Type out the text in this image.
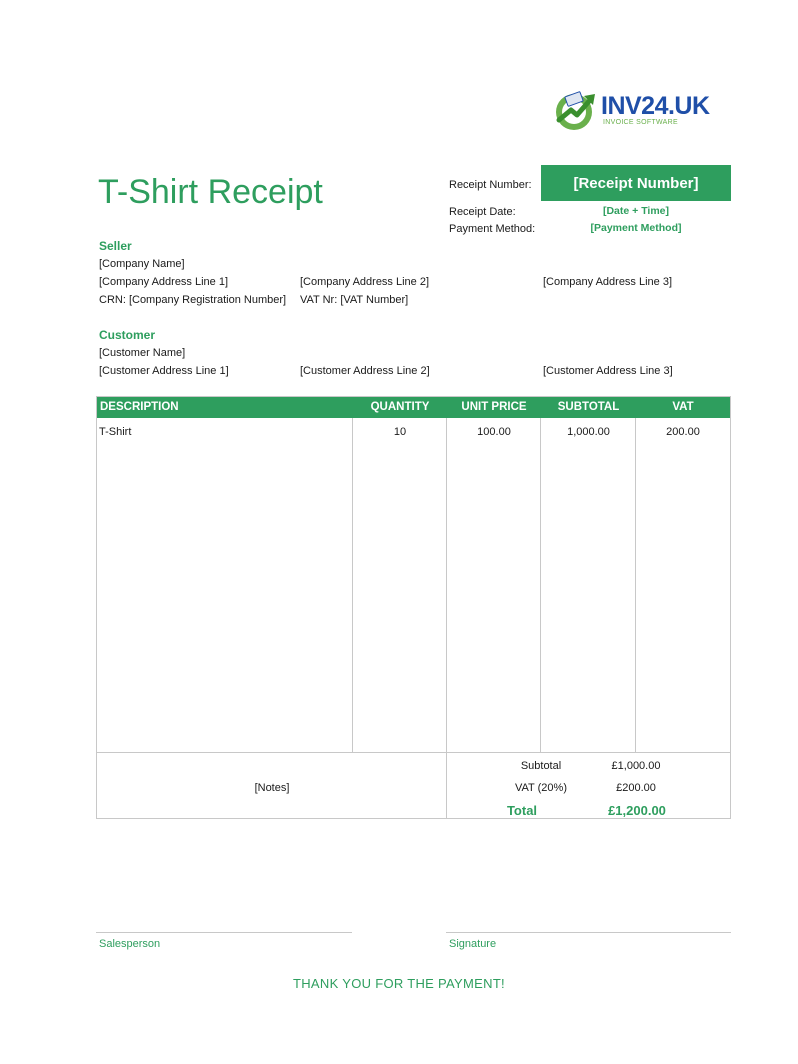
INV24.UK
INVOICE SOFTWARE
T-Shirt Receipt	Receipt Number:	[Receipt Number]
Receipt Date:	[Date + Time]
Payment Method:	[Payment Method]
Seller
[Company Name]
[Company Address Line 1]	[Company Address Line 2]	[Company Address Line 3]
CRN: [Company Registration Number] VAT Nr: [VAT Number]
Customer
[Customer Name]
[Customer Address Line 1]	[Customer Address Line 2]	[Customer Address Line 3]
DESCRIPTION	QUANTITY	UNIT PRICE	SUBTOTAL	VAT
T-Shirt	10	100.00	1,000.00	200.00
[Notes]
Subtotal	£1,000.00
VAT (20%)	£200.00
Total	£1,200.00
Salesperson	Signature
THANK YOU FOR THE PAYMENT!
